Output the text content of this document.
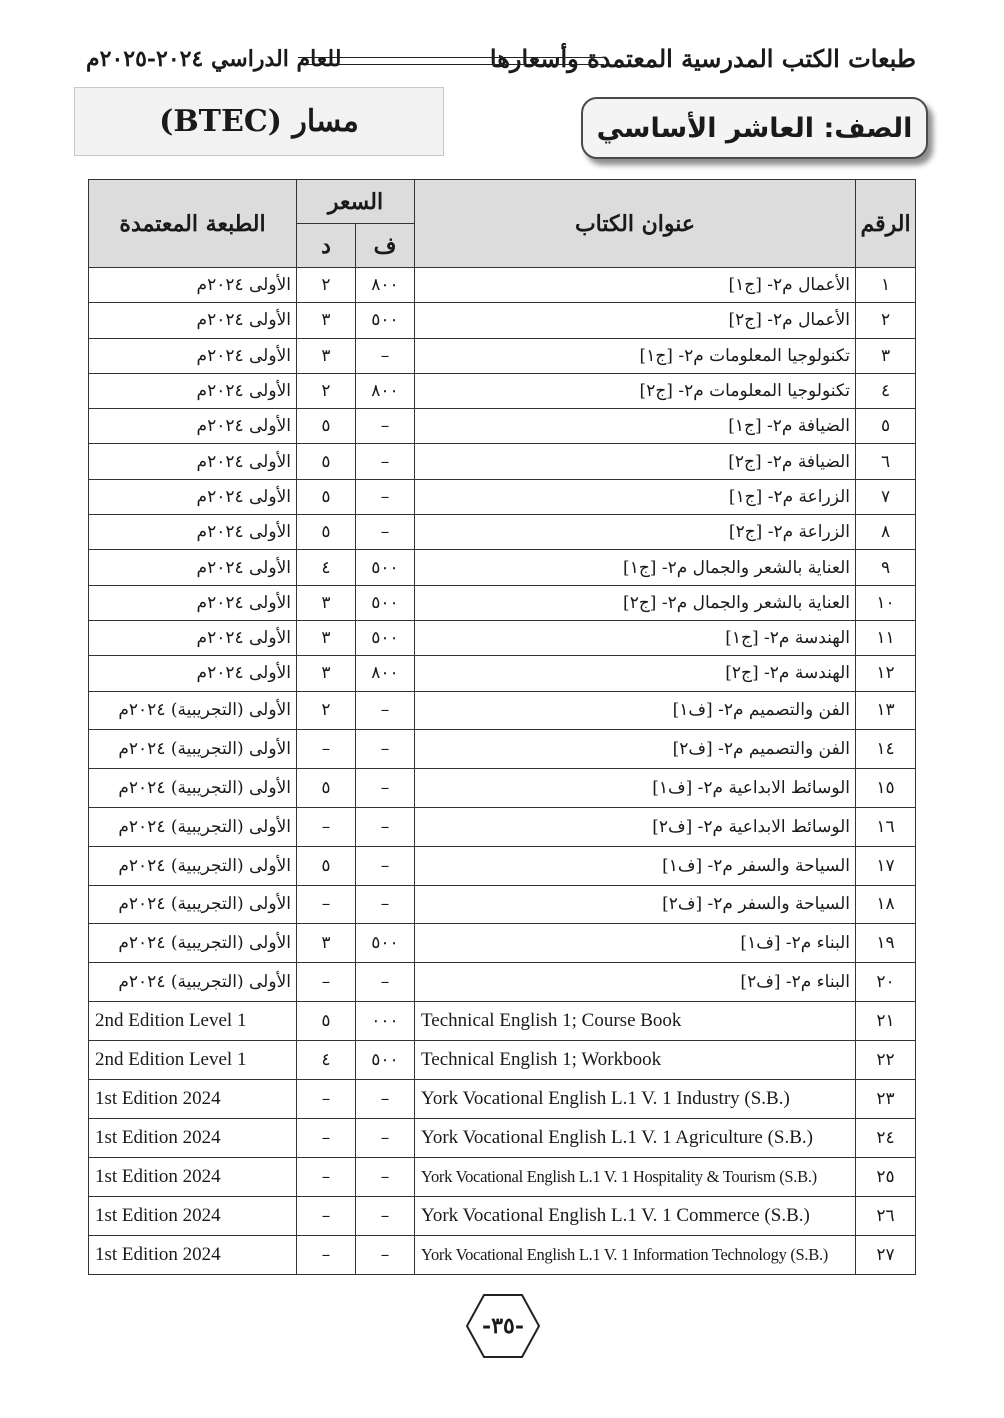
طبعات الكتب المدرسية المعتمدة وأسعارها
للعام الدراسي ٢٠٢٤-٢٠٢٥م
مسار (BTEC)	الصف: العاشر الأساسي
الطبعة المعتمدة	السعر		عنوان الكتاب	الرقم
	د	ف		
الأولى ٢٠٢٤م	٢	٨٠٠	الأعمال م٢- [ج١]	١
الأولى ٢٠٢٤م	٣	٥٠٠	الأعمال م٢- [ج٢]	٢
الأولى ٢٠٢٤م	٣	–	تكنولوجيا المعلومات م٢- [ج١]	٣
الأولى ٢٠٢٤م	٢	٨٠٠	تكنولوجيا المعلومات م٢- [ج٢]	٤
الأولى ٢٠٢٤م	٥	–	الضيافة م٢- [ج١]	٥
الأولى ٢٠٢٤م	٥	–	الضيافة م٢- [ج٢]	٦
الأولى ٢٠٢٤م	٥	–	الزراعة م٢- [ج١]	٧
الأولى ٢٠٢٤م	٥	–	الزراعة م٢- [ج٢]	٨
الأولى ٢٠٢٤م	٤	٥٠٠	العناية بالشعر والجمال م٢- [ج١]	٩
الأولى ٢٠٢٤م	٣	٥٠٠	العناية بالشعر والجمال م٢- [ج٢]	١٠
الأولى ٢٠٢٤م	٣	٥٠٠	الهندسة م٢- [ج١]	١١
الأولى ٢٠٢٤م	٣	٨٠٠	الهندسة م٢- [ج٢]	١٢
الأولى (التجريبية) ٢٠٢٤م	٢	–	الفن والتصميم م٢- [ف١]	١٣
الأولى (التجريبية) ٢٠٢٤م	–	–	الفن والتصميم م٢- [ف٢]	١٤
الأولى (التجريبية) ٢٠٢٤م	٥	–	الوسائط الابداعية م٢- [ف١]	١٥
الأولى (التجريبية) ٢٠٢٤م	–	–	الوسائط الابداعية م٢- [ف٢]	١٦
الأولى (التجريبية) ٢٠٢٤م	٥	–	السياحة والسفر م٢- [ف١]	١٧
الأولى (التجريبية) ٢٠٢٤م	–	–	السياحة والسفر م٢- [ف٢]	١٨
الأولى (التجريبية) ٢٠٢٤م	٣	٥٠٠	البناء م٢- [ف١]	١٩
الأولى (التجريبية) ٢٠٢٤م	–	–	البناء م٢- [ف٢]	٢٠
2nd Edition Level 1	٥	٠٠٠	Technical English 1; Course Book	٢١
2nd Edition Level 1	٤	٥٠٠	Technical English 1; Workbook	٢٢
1st Edition 2024	–	–	York Vocational English L.1 V. 1 Industry (S.B.)	٢٣
1st Edition 2024	–	–	York Vocational English L.1 V. 1 Agriculture (S.B.)	٢٤
1st Edition 2024	–	–	York Vocational English L.1 V. 1 Hospitality & Tourism (S.B.)	٢٥
1st Edition 2024	–	–	York Vocational English L.1 V. 1 Commerce (S.B.)	٢٦
1st Edition 2024	–	–	York Vocational English L.1 V. 1 Information Technology (S.B.)	٢٧
-٣٥-
